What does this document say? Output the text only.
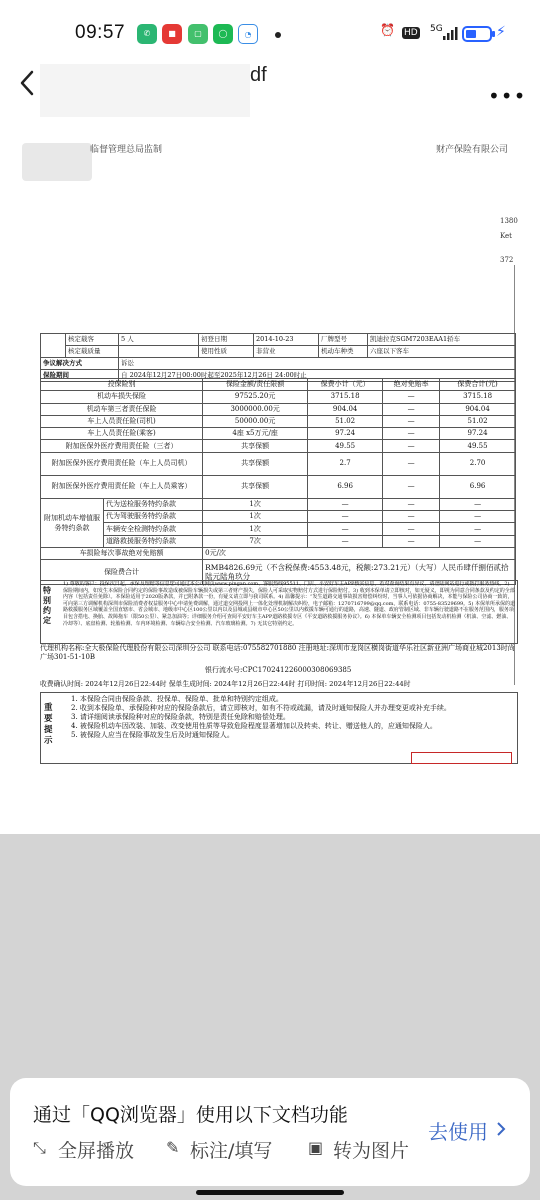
09:57	✆	■	▢	◯	◔	⏰ HD 5G	⚡
df
•••
临督管理总局监制	财产保险有限公司
1380
Ket
372
	核定载客	5 人	初登日期	2014-10-23	厂牌型号	凯迪拉克SGM7203EAA1轿车
	核定载质量		使用性质	非营业	机动车种类	六座以下客车
争议解决方式		诉讼				
保险期间		自 2024年12月27日00:00时起至2025年12月26日 24:00时止				
投保险别		保险金额/责任限额	保费小计（元）	绝对免赔率	保费合计(元)
机动车损失保险		97525.20元	3715.18	—	3715.18
机动车第三者责任保险		3000000.00元	904.04	—	904.04
车上人员责任险(司机)		50000.00元	51.02	—	51.02
车上人员责任险(乘客)		4座 x5万元/座	97.24	—	97.24
附加医保外医疗费用责任险（三者）		共享保额	49.55	—	49.55
附加医保外医疗费用责任险（车上人员司机）		共享保额	2.7	—	2.70
附加医保外医疗费用责任险（车上人员乘客）		共享保额	6.96	—	6.96
附加机动车增值服务特约条款	代为送检服务特约条款	1次	—	—	—
	代为驾驶服务特约条款	1次	—	—	—
	车辆安全检测特约条款	1次	—	—	—
	道路救援服务特约条款	7次	—	—	—
车损险每次事故绝对免赔额		0元/次			
保险费合计		RMB4826.69元（不含税保费:4553.48元，税额:273.21元）（大写）人民币肆仟捌佰贰拾陆元陆角玖分			
特别约定
1) 尊敬的客户：投保次日起，承保及理赔等信息您可通过本公司网页www.pingan.com、客服热线95511、门店、平安好车主APP核实信息，若对查询结果有异议，请登陆网站进行或拨打服务热线。2) 保险期间内，如发生本保险合同约定的保险事故造成被保险车辆损失或第三者财产损失，保险人可采取实物赔付方式进行保险赔付。3) 收到本保单请立即核对，如无疑义，即视为同意合同条款及约定的全部内容（包括责任免除）。本保险适用于2020版条款，并已附条款一份，有疑义请立即与我司联系。4) 温馨提示：“发生道路交通事故损害赔偿纠纷时，当事人可依据协商解决，本能与保险公司协商一致的，可向第三方调解机构深圳市保险消费者权益服务中心申请免费调解，通过道交网投网上一体化处理机制解决纠纷，电子邮箱：1270716799@qq.com，联系电话：0755-83529699。5) 本保单所承保的道路救援服务区域覆盖全国直辖市、省会城市、地级市中心区100公里以内以及县城或县级市中心区50公里以内救援车辆可通行的道路，高速、隧道、政府管制区域、非车辆行驶道路不在服务范围内，服务项目包含搭电、换胎、故障拖车（限50公里）、紧急加油等；详细服务介绍可查阅平安好车主APP道路救援专区《平安道路救援服务协议》。6) 本保单车辆安全检测项目包括发动机检测（机油、空滤、燃油、冷却等）、底盘检测、轮胎检测、车内环境检测、车辆综合安全检测、汽车玻璃检测。7) 无其它特别约定。
代理机构名称:全大极保险代理股份有限公司深圳分公司 联系电话:075582701880 注册地址:深圳市龙岗区横岗街道华乐社区新亚洲广场商业城2013时尚广场301-51-10B
银行流水号:CPC170241226000308069385
收费确认时间: 2024年12月26日22:44时 保单生成时间: 2024年12月26日22:44时 打印时间: 2024年12月26日22:44时
重要提示
1. 本保险合同由保险条款、投保单、保险单、批单和特别约定组成。
2. 收到本保险单、承保险种对应的保险条款后，请立即核对，如有不符或疏漏，请及时通知保险人并办理变更或补充手续。
3. 请详细阅读承保险种对应的保险条款，特别是责任免除和赔偿处理。
4. 被保险机动车因改装、加装、改变使用性质等导致危险程度显著增加以及转卖、转让、赠送他人的，应通知保险人。
5. 被保险人应当在保险事故发生后及时通知保险人。
通过「QQ浏览器」使用以下文档功能
⤡ 全屏播放 ✎ 标注/填写 ▣ 转为图片
去使用
